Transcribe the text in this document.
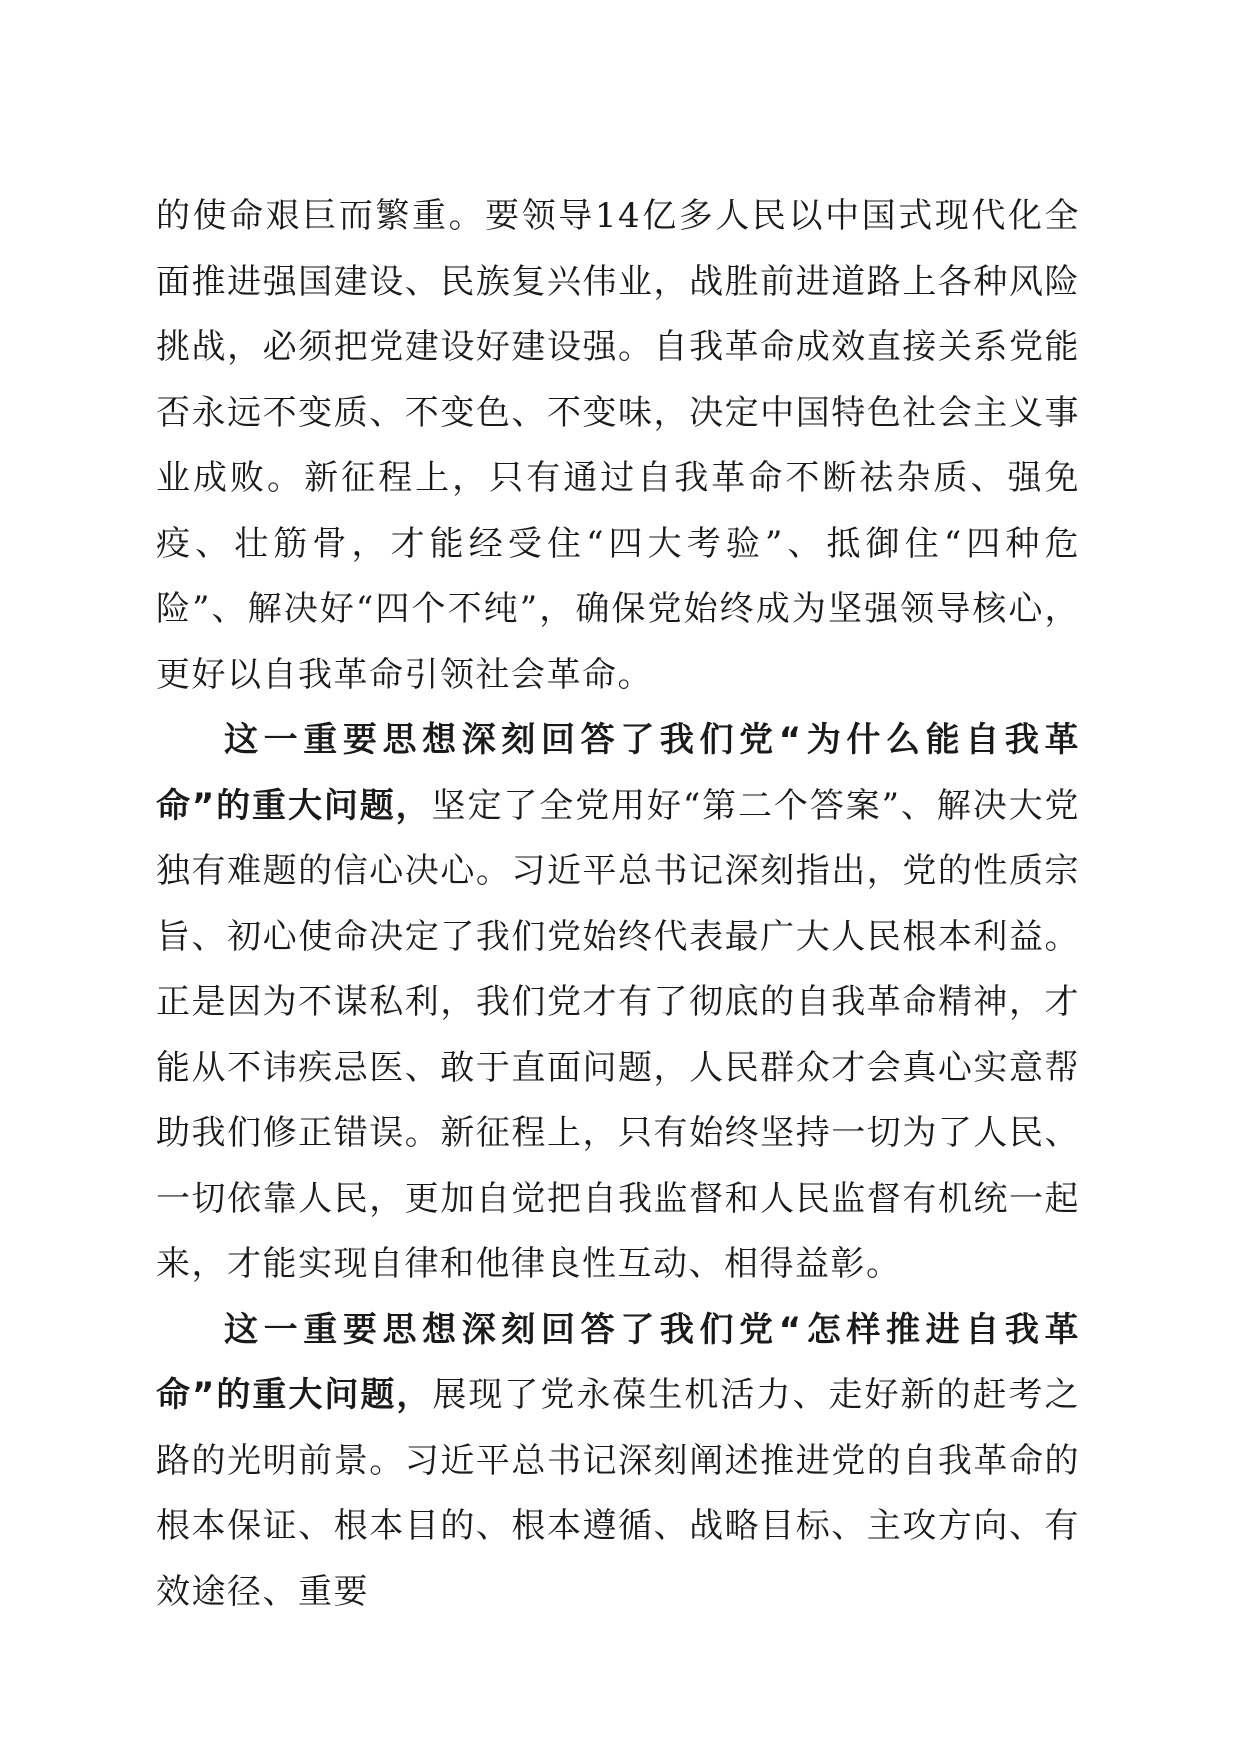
的使命艰巨而繁重。要领导14亿多人民以中国式现代化全面推进强国建设、民族复兴伟业，战胜前进道路上各种风险挑战，必须把党建设好建设强。自我革命成效直接关系党能否永远不变质、不变色、不变味，决定中国特色社会主义事业成败。新征程上，只有通过自我革命不断祛杂质、强免疫、壮筋骨，才能经受住“四大考验”、抵御住“四种危险”、解决好“四个不纯”，确保党始终成为坚强领导核心，更好以自我革命引领社会革命。

这一重要思想深刻回答了我们党“为什么能自我革命”的重大问题，坚定了全党用好“第二个答案”、解决大党独有难题的信心决心。习近平总书记深刻指出，党的性质宗旨、初心使命决定了我们党始终代表最广大人民根本利益。正是因为不谋私利，我们党才有了彻底的自我革命精神，才能从不讳疾忌医、敢于直面问题，人民群众才会真心实意帮助我们修正错误。新征程上，只有始终坚持一切为了人民、一切依靠人民，更加自觉把自我监督和人民监督有机统一起来，才能实现自律和他律良性互动、相得益彰。

这一重要思想深刻回答了我们党“怎样推进自我革命”的重大问题，展现了党永葆生机活力、走好新的赶考之路的光明前景。习近平总书记深刻阐述推进党的自我革命的根本保证、根本目的、根本遵循、战略目标、主攻方向、有效途径、重要
